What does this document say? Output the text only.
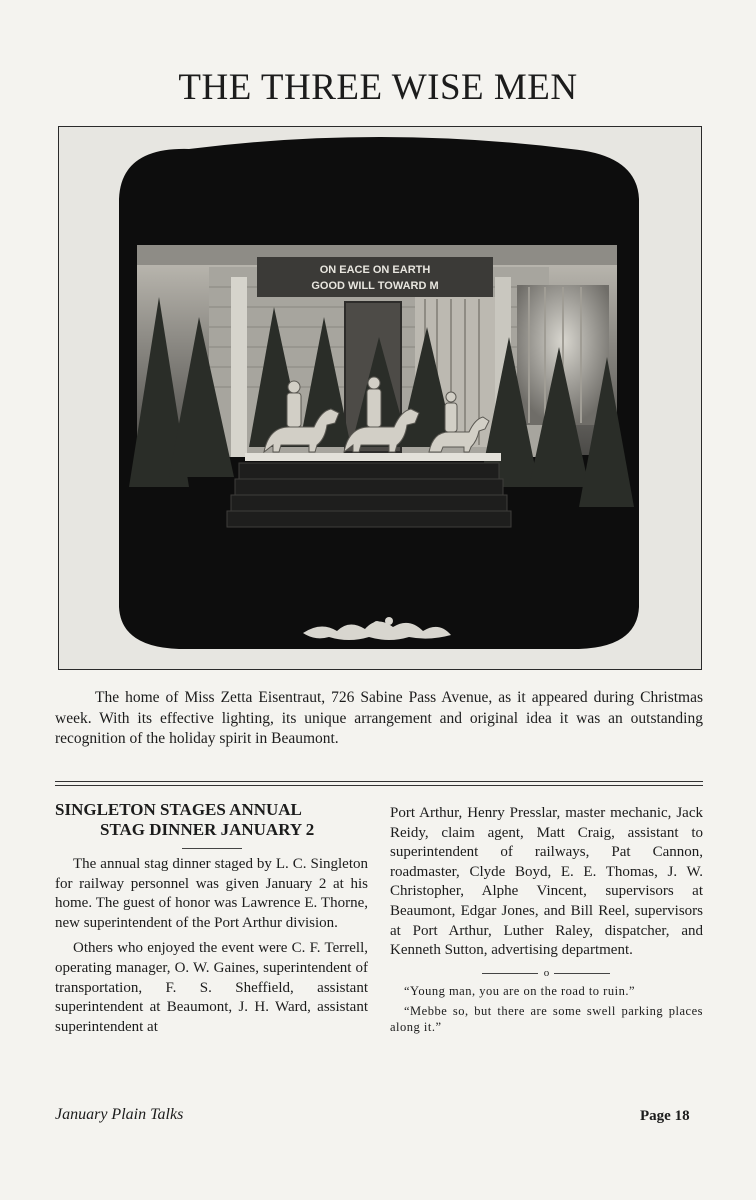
THE THREE WISE MEN
ON EACE ON EARTH
GOOD WILL TOWARD M

The home of Miss Zetta Eisentraut, 726 Sabine Pass Avenue, as it appeared during Christmas week. With its effective lighting, its unique arrangement and original idea it was an outstanding recognition of the holiday spirit in Beaumont.

SINGLETON STAGES ANNUAL
STAG DINNER JANUARY 2

The annual stag dinner staged by L. C. Singleton for railway personnel was given January 2 at his home. The guest of honor was Lawrence E. Thorne, new superintendent of the Port Arthur division.

Others who enjoyed the event were C. F. Terrell, operating manager, O. W. Gaines, superintendent of transportation, F. S. Sheffield, assistant superintendent at Beaumont, J. H. Ward, assistant superintendent at

Port Arthur, Henry Presslar, master mechanic, Jack Reidy, claim agent, Matt Craig, assistant to superintendent of railways, Pat Cannon, roadmaster, Clyde Boyd, E. E. Thomas, J. W. Christopher, Alphe Vincent, supervisors at Beaumont, Edgar Jones, and Bill Reel, supervisors at Port Arthur, Luther Raley, dispatcher, and Kenneth Sutton, advertising department.

o

“Young man, you are on the road to ruin.”

“Mebbe so, but there are some swell parking places along it.”

January Plain Talks	Page 18
